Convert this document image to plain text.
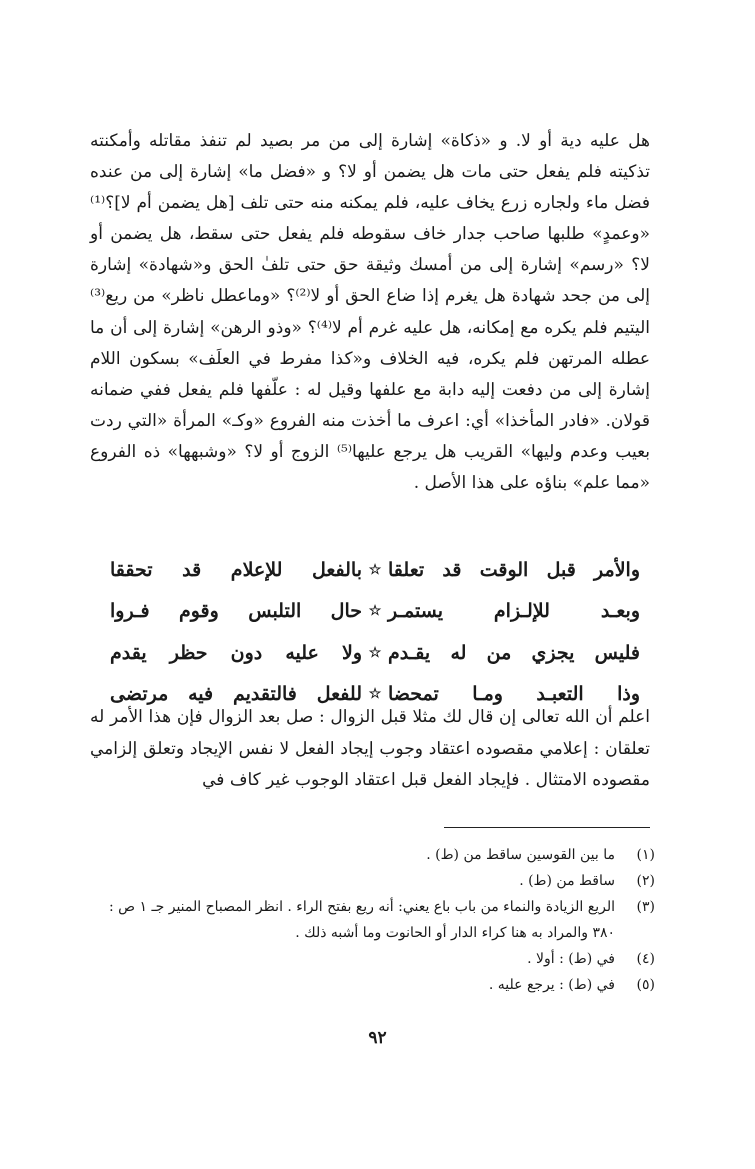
هل عليه دية أو لا. و «ذكاة» إشارة إلى من مر بصيد لم تنفذ مقاتله وأمكنته تذكيته فلم يفعل حتى مات هل يضمن أو لا؟ و «فضل ما» إشارة إلى من عنده فضل ماء ولجاره زرع يخاف عليه، فلم يمكنه منه حتى تلف [هل يضمن أم لا]؟⁽¹⁾ «وعمدٍ» طلبها صاحب جدار خاف سقوطه فلم يفعل حتى سقط، هل يضمن أو لا؟ «رسم» إشارة إلى من أمسك وثيقة حق حتى تلفٰ الحق و«شهادة» إشارة إلى من جحد شهادة هل يغرم إذا ضاع الحق أو لا⁽²⁾؟ «وماعطل ناظر» من ريع⁽³⁾ اليتيم فلم يكره مع إمكانه، هل عليه غرم أم لا⁽⁴⁾؟ «وذو الرهن» إشارة إلى أن ما عطله المرتهن فلم يكره، فيه الخلاف و«كذا مفرط في العلَف» بسكون اللام إشارة إلى من دفعت إليه دابة مع علفها وقيل له : علّفها فلم يفعل ففي ضمانه قولان. «فادر المأخذا» أي: اعرف ما أخذت منه الفروع «وكـ» المرأة «التي ردت بعيب وعدم وليها» القريب هل يرجع عليها⁽⁵⁾ الزوج أو لا؟ «وشبهها» ذه الفروع «مما علم» بناؤه على هذا الأصل .

والأمر قبل الوقت قد تعلقا
☆
بالفعل للإعلام قد تحققا
وبعـد للإلـزام يستمـر
☆
حال التلبس وقوم فـروا
فليس يجزي من له يقـدم
☆
ولا عليه دون حظر يقدم
وذا التعبـد ومـا تمحضا
☆
للفعل فالتقديم فيه مرتضى

اعلم أن الله تعالى إن قال لك مثلا قبل الزوال : صل بعد الزوال فإن هذا الأمر له تعلقان : إعلامي مقصوده اعتقاد وجوب إيجاد الفعل لا نفس الإيجاد وتعلق إلزامي مقصوده الامتثال . فإيجاد الفعل قبل اعتقاد الوجوب غير كاف في

(١)
ما بين القوسين ساقط من (ط) .
(٢)
ساقط من (ط) .
(٣)
الريع الزيادة والنماء من باب باع يعني: أنه ريع بفتح الراء . انظر المصباح المنير جـ ١ ص : ٣٨٠ والمراد به هنا كراء الدار أو الحانوت وما أشبه ذلك .
(٤)
في (ط) : أولا .
(٥)
في (ط) : يرجع عليه .
٩٢
